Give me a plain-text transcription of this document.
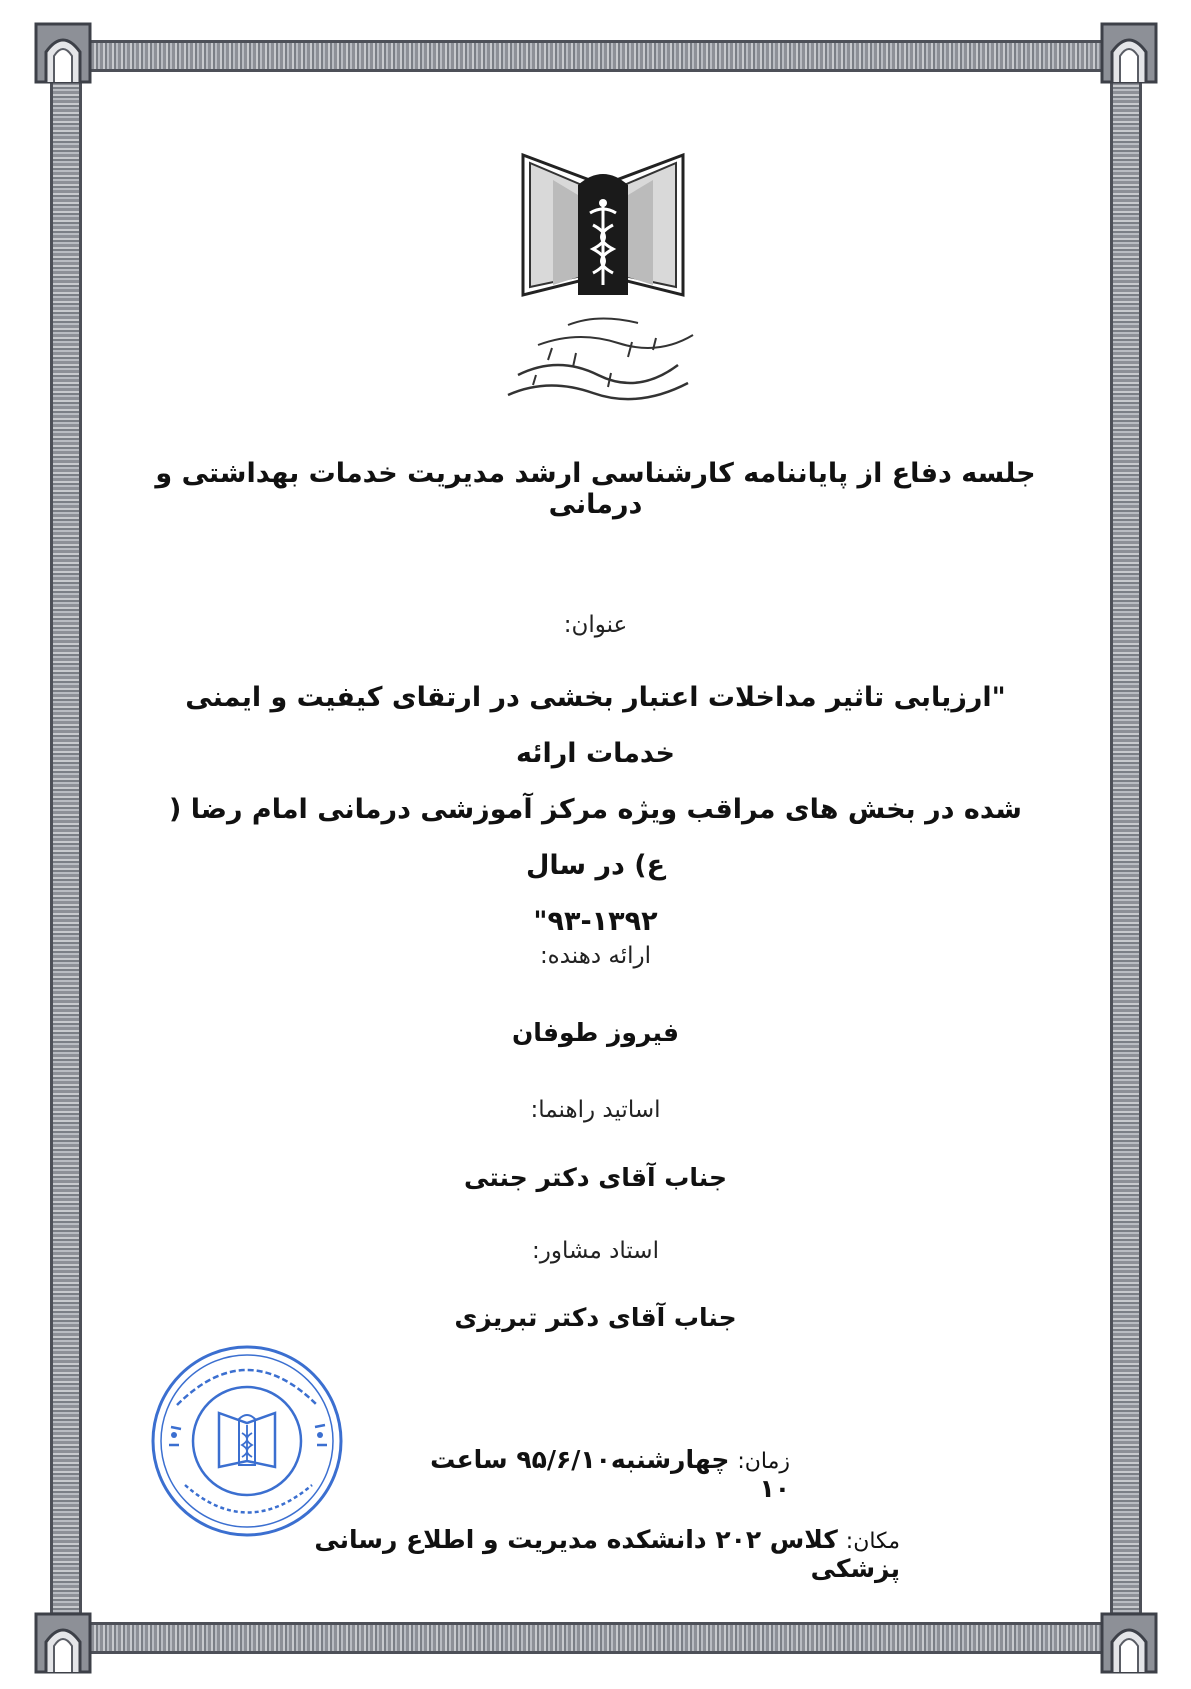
جلسه دفاع از پایاننامه کارشناسی ارشد مدیریت خدمات بهداشتی و درمانی
عنوان:
"ارزیابی تاثیر مداخلات اعتبار بخشی در ارتقای کیفیت و ایمنی خدمات ارائه
شده در بخش های مراقب ویژه مرکز آموزشی درمانی امام رضا ( ع) در سال
۹۳-۱۳۹۲"
ارائه دهنده:
فیروز طوفان
اساتید راهنما:
جناب آقای دکتر جنتی
استاد مشاور:
جناب آقای دکتر تبریزی
زمان: چهارشنبه۹۵/۶/۱۰ ساعت ۱۰
مکان: کلاس ۲۰۲ دانشکده مدیریت و اطلاع رسانی پزشکی
